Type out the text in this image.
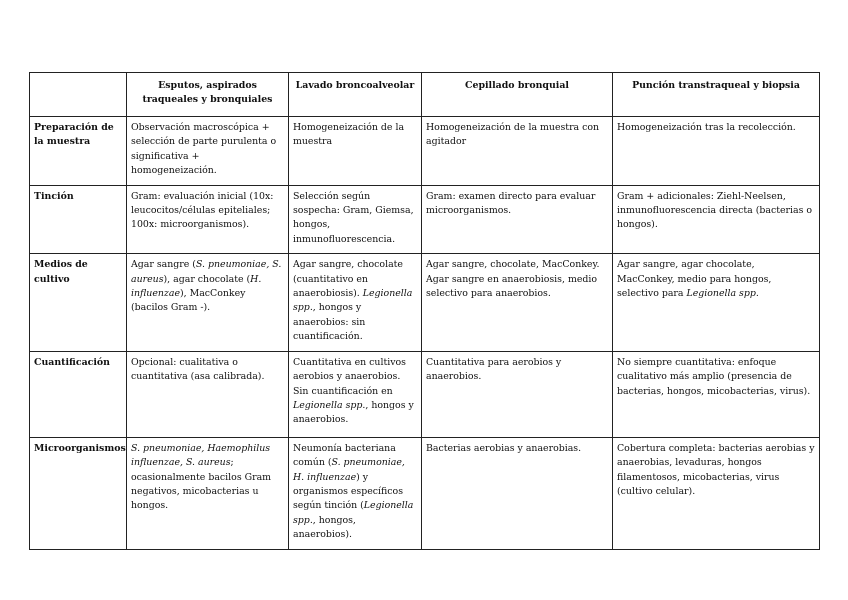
	Esputos, aspirados traqueales y bronquiales	Lavado broncoalveolar	Cepillado bronquial	Punción transtraqueal y biopsia
Preparación de la muestra	Observación macroscópica + selección de parte purulenta o significativa + homogeneización.	Homogeneización de la muestra	Homogeneización de la muestra con agitador	Homogeneización tras la recolección.
Tinción	Gram: evaluación inicial (10x: leucocitos/células epiteliales; 100x: microorganismos).	Selección según sospecha: Gram, Giemsa, hongos, inmunofluorescencia.	Gram: examen directo para evaluar microorganismos.	Gram + adicionales: Ziehl-Neelsen, inmunofluorescencia directa (bacterias o hongos).
Medios de cultivo	Agar sangre (S. pneumoniae, S. aureus), agar chocolate (H. influenzae), MacConkey (bacilos Gram -).	Agar sangre, chocolate (cuantitativo en anaerobiosis). Legionella spp., hongos y anaerobios: sin cuantificación.	Agar sangre, chocolate, MacConkey. Agar sangre en anaerobiosis, medio selectivo para anaerobios.	Agar sangre, agar chocolate, MacConkey, medio para hongos, selectivo para Legionella spp.
Cuantificación	Opcional: cualitativa o cuantitativa (asa calibrada).	Cuantitativa en cultivos aerobios y anaerobios. Sin cuantificación en Legionella spp., hongos y anaerobios.	Cuantitativa para aerobios y anaerobios.	No siempre cuantitativa: enfoque cualitativo más amplio (presencia de bacterias, hongos, micobacterias, virus).
Microorganismos	S. pneumoniae, Haemophilus influenzae, S. aureus; ocasionalmente bacilos Gram negativos, micobacterias u hongos.	Neumonía bacteriana común (S. pneumoniae, H. influenzae) y organismos específicos según tinción (Legionella spp., hongos, anaerobios).	Bacterias aerobias y anaerobias.	Cobertura completa: bacterias aerobias y anaerobias, levaduras, hongos filamentosos, micobacterias, virus (cultivo celular).
